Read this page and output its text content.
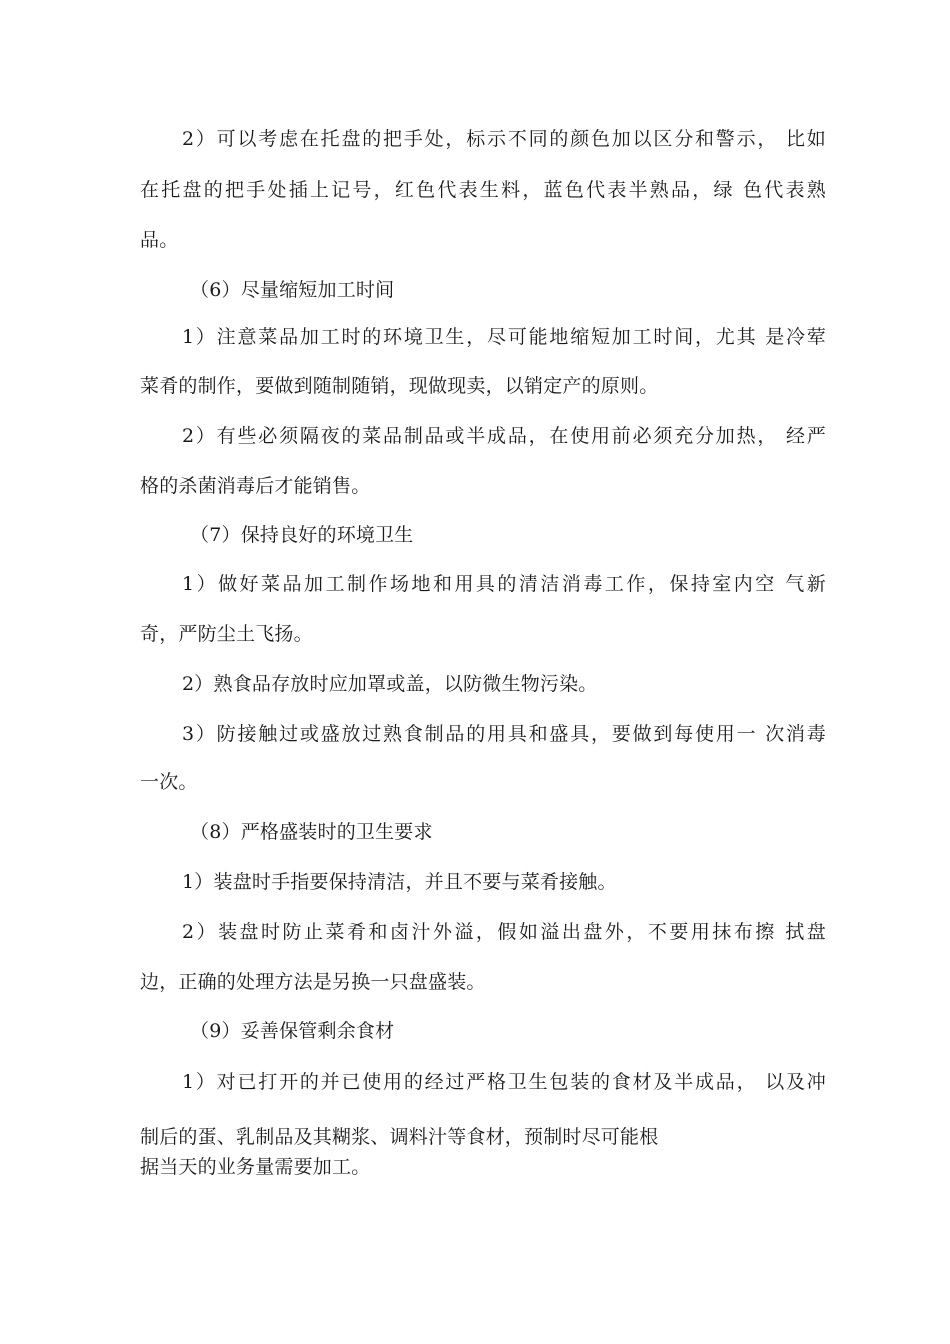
2）可以考虑在托盘的把手处，标示不同的颜色加以区分和警示， 比如
在托盘的把手处插上记号，红色代表生料，蓝色代表半熟品，绿 色代表熟
品。
（6）尽量缩短加工时间
1）注意菜品加工时的环境卫生，尽可能地缩短加工时间，尤其 是冷荤
菜肴的制作，要做到随制随销，现做现卖，以销定产的原则。
2）有些必须隔夜的菜品制品或半成品，在使用前必须充分加热， 经严
格的杀菌消毒后才能销售。
（7）保持良好的环境卫生
1）做好菜品加工制作场地和用具的清洁消毒工作，保持室内空 气新
奇，严防尘土飞扬。
2）熟食品存放时应加罩或盖，以防微生物污染。
3）防接触过或盛放过熟食制品的用具和盛具，要做到每使用一 次消毒
一次。
（8）严格盛装时的卫生要求
1）装盘时手指要保持清洁，并且不要与菜肴接触。
2）装盘时防止菜肴和卤汁外溢，假如溢出盘外，不要用抹布擦 拭盘
边，正确的处理方法是另换一只盘盛装。
（9）妥善保管剩余食材
1）对已打开的并已使用的经过严格卫生包装的食材及半成品， 以及冲
制后的蛋、乳制品及其糊浆、调料汁等食材，预制时尽可能根
据当天的业务量需要加工。
